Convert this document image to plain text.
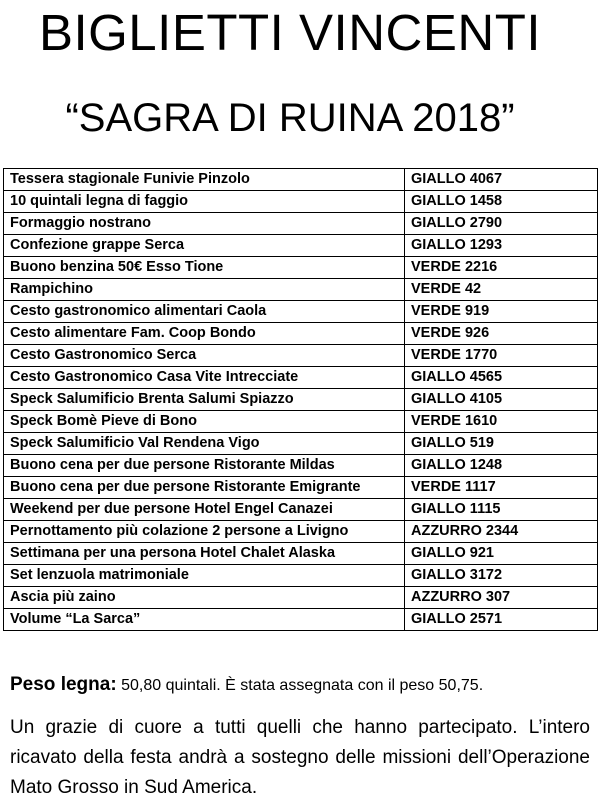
BIGLIETTI VINCENTI
“SAGRA DI RUINA 2018”
Tessera stagionale Funivie Pinzolo	GIALLO 4067
10 quintali legna di faggio	GIALLO 1458
Formaggio nostrano	GIALLO 2790
Confezione grappe Serca	GIALLO 1293
Buono benzina 50€ Esso Tione	VERDE 2216
Rampichino	VERDE 42
Cesto gastronomico alimentari Caola	VERDE 919
Cesto alimentare Fam. Coop Bondo	VERDE 926
Cesto Gastronomico Serca	VERDE 1770
Cesto Gastronomico Casa Vite Intrecciate	GIALLO 4565
Speck Salumificio Brenta Salumi Spiazzo	GIALLO 4105
Speck Bomè Pieve di Bono	VERDE 1610
Speck Salumificio Val Rendena Vigo	GIALLO 519
Buono cena per due persone Ristorante Mildas	GIALLO 1248
Buono cena per due persone Ristorante Emigrante	VERDE 1117
Weekend per due persone Hotel Engel Canazei	GIALLO 1115
Pernottamento più colazione 2 persone a Livigno	AZZURRO 2344
Settimana per una persona Hotel Chalet Alaska	GIALLO 921
Set lenzuola matrimoniale	GIALLO 3172
Ascia più zaino	AZZURRO 307
Volume “La Sarca”	GIALLO 2571
Peso legna: 50,80 quintali. È stata assegnata con il peso 50,75.
Un grazie di cuore a tutti quelli che hanno partecipato. L’intero ricavato della festa andrà a sostegno delle missioni dell’Operazione Mato Grosso in Sud America.
